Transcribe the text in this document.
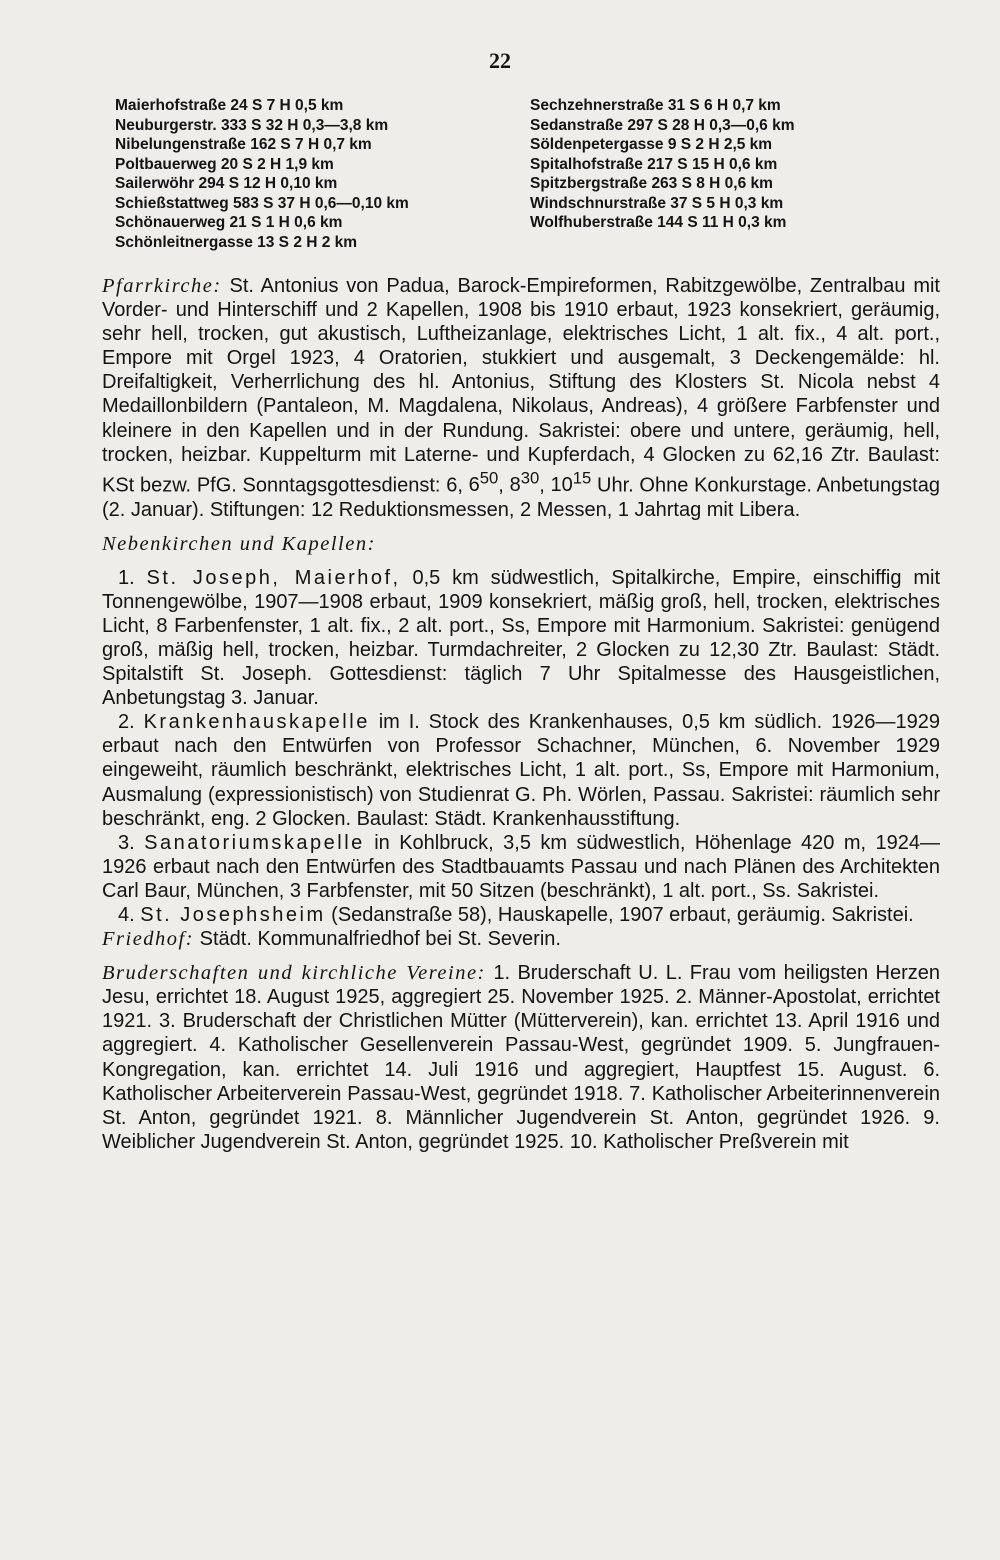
22
Maierhofstraße 24 S 7 H 0,5 km
Neuburgerstr. 333 S 32 H 0,3—3,8 km
Nibelungenstraße 162 S 7 H 0,7 km
Poltbauerweg 20 S 2 H 1,9 km
Sailerwöhr 294 S 12 H 0,10 km
Schießstattweg 583 S 37 H 0,6—0,10 km
Schönauerweg 21 S 1 H 0,6 km
Schönleitnergasse 13 S 2 H 2 km
Sechzehnerstraße 31 S 6 H 0,7 km
Sedanstraße 297 S 28 H 0,3—0,6 km
Söldenpetergasse 9 S 2 H 2,5 km
Spitalhofstraße 217 S 15 H 0,6 km
Spitzbergstraße 263 S 8 H 0,6 km
Windschnurstraße 37 S 5 H 0,3 km
Wolfhuberstraße 144 S 11 H 0,3 km

Pfarrkirche: St. Antonius von Padua, Barock-Empireformen, Rabitzgewölbe, Zentralbau mit Vorder- und Hinterschiff und 2 Kapellen, 1908 bis 1910 erbaut, 1923 konsekriert, geräumig, sehr hell, trocken, gut akustisch, Luftheizanlage, elektrisches Licht, 1 alt. fix., 4 alt. port., Empore mit Orgel 1923, 4 Oratorien, stukkiert und ausgemalt, 3 Deckengemälde: hl. Dreifaltigkeit, Verherrlichung des hl. Antonius, Stiftung des Klosters St. Nicola nebst 4 Medaillonbildern (Pantaleon, M. Magdalena, Nikolaus, Andreas), 4 größere Farbfenster und kleinere in den Kapellen und in der Rundung. Sakristei: obere und untere, geräumig, hell, trocken, heizbar. Kuppelturm mit Laterne- und Kupferdach, 4 Glocken zu 62,16 Ztr. Baulast: KSt bezw. PfG. Sonntagsgottesdienst: 6, $6^{50}$, $8^{30}$, $10^{15}$ Uhr. Ohne Konkurstage. Anbetungstag (2. Januar). Stiftungen: 12 Reduktionsmessen, 2 Messen, 1 Jahrtag mit Libera.

Nebenkirchen und Kapellen:

1. St. Joseph, Maierhof, 0,5 km südwestlich, Spitalkirche, Empire, einschiffig mit Tonnengewölbe, 1907—1908 erbaut, 1909 konsekriert, mäßig groß, hell, trocken, elektrisches Licht, 8 Farbenfenster, 1 alt. fix., 2 alt. port., Ss, Empore mit Harmonium. Sakristei: genügend groß, mäßig hell, trocken, heizbar. Turmdachreiter, 2 Glocken zu 12,30 Ztr. Baulast: Städt. Spitalstift St. Joseph. Gottesdienst: täglich 7 Uhr Spitalmesse des Hausgeistlichen, Anbetungstag 3. Januar.

2. Krankenhauskapelle im I. Stock des Krankenhauses, 0,5 km südlich. 1926—1929 erbaut nach den Entwürfen von Professor Schachner, München, 6. November 1929 eingeweiht, räumlich beschränkt, elektrisches Licht, 1 alt. port., Ss, Empore mit Harmonium, Ausmalung (expressionistisch) von Studienrat G. Ph. Wörlen, Passau. Sakristei: räumlich sehr beschränkt, eng. 2 Glocken. Baulast: Städt. Krankenhausstiftung.

3. Sanatoriumskapelle in Kohlbruck, 3,5 km südwestlich, Höhenlage 420 m, 1924—1926 erbaut nach den Entwürfen des Stadtbauamts Passau und nach Plänen des Architekten Carl Baur, München, 3 Farbfenster, mit 50 Sitzen (beschränkt), 1 alt. port., Ss. Sakristei.

4. St. Josephsheim (Sedanstraße 58), Hauskapelle, 1907 erbaut, geräumig. Sakristei.

Friedhof: Städt. Kommunalfriedhof bei St. Severin.

Bruderschaften und kirchliche Vereine: 1. Bruderschaft U. L. Frau vom heiligsten Herzen Jesu, errichtet 18. August 1925, aggregiert 25. November 1925. 2. Männer-Apostolat, errichtet 1921. 3. Bruderschaft der Christlichen Mütter (Mütterverein), kan. errichtet 13. April 1916 und aggregiert. 4. Katholischer Gesellenverein Passau-West, gegründet 1909. 5. Jungfrauen-Kongregation, kan. errichtet 14. Juli 1916 und aggregiert, Hauptfest 15. August. 6. Katholischer Arbeiterverein Passau-West, gegründet 1918. 7. Katholischer Arbeiterinnenverein St. Anton, gegründet 1921. 8. Männlicher Jugendverein St. Anton, gegründet 1926. 9. Weiblicher Jugendverein St. Anton, gegründet 1925. 10. Katholischer Preßverein mit
